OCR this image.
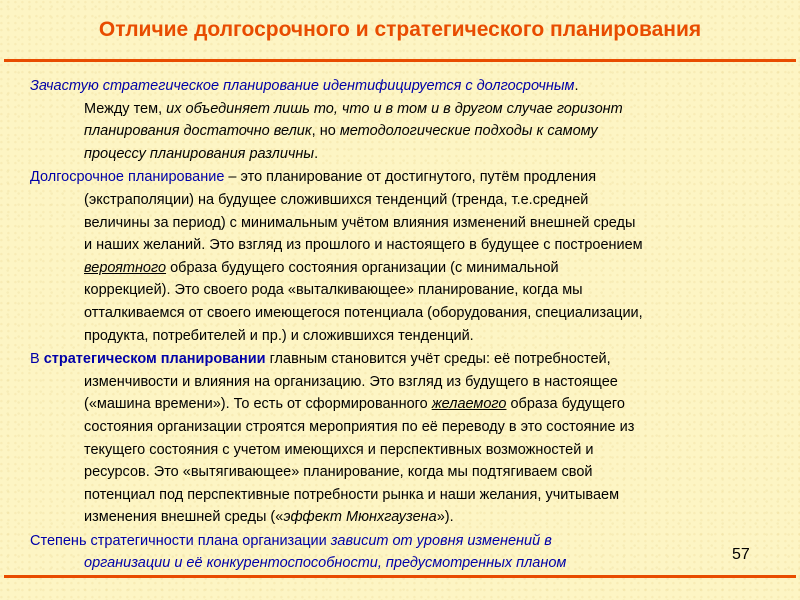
Отличие долгосрочного и стратегического планирования

Зачастую стратегическое планирование идентифицируется с долгосрочным.
Между тем, их объединяет лишь то, что и в том и в другом случае горизонт
планирования достаточно велик, но методологические подходы к самому
процессу планирования различны.

Долгосрочное планирование – это планирование от достигнутого, путём продления
(экстраполяции) на будущее сложившихся тенденций (тренда, т.е.средней
величины за период) с минимальным учётом влияния изменений внешней среды
и наших желаний. Это взгляд из прошлого и настоящего в будущее с построением
вероятного образа будущего состояния организации (с минимальной
коррекцией). Это своего рода «выталкивающее» планирование, когда мы
отталкиваемся от своего имеющегося потенциала (оборудования, специализации,
продукта, потребителей и пр.) и сложившихся тенденций.

В стратегическом планировании главным становится учёт среды: её потребностей,
изменчивости и влияния на организацию. Это взгляд из будущего в настоящее
(«машина времени»). То есть от сформированного желаемого образа будущего
состояния организации строятся мероприятия по её переводу в это состояние из
текущего состояния с учетом имеющихся и перспективных возможностей и
ресурсов. Это «вытягивающее» планирование, когда мы подтягиваем свой
потенциал под перспективные потребности рынка и наши желания, учитываем
изменения внешней среды («эффект Мюнхгаузена»).

Степень стратегичности плана организации зависит от уровня изменений в
организации и её конкурентоспособности, предусмотренных планом

57
